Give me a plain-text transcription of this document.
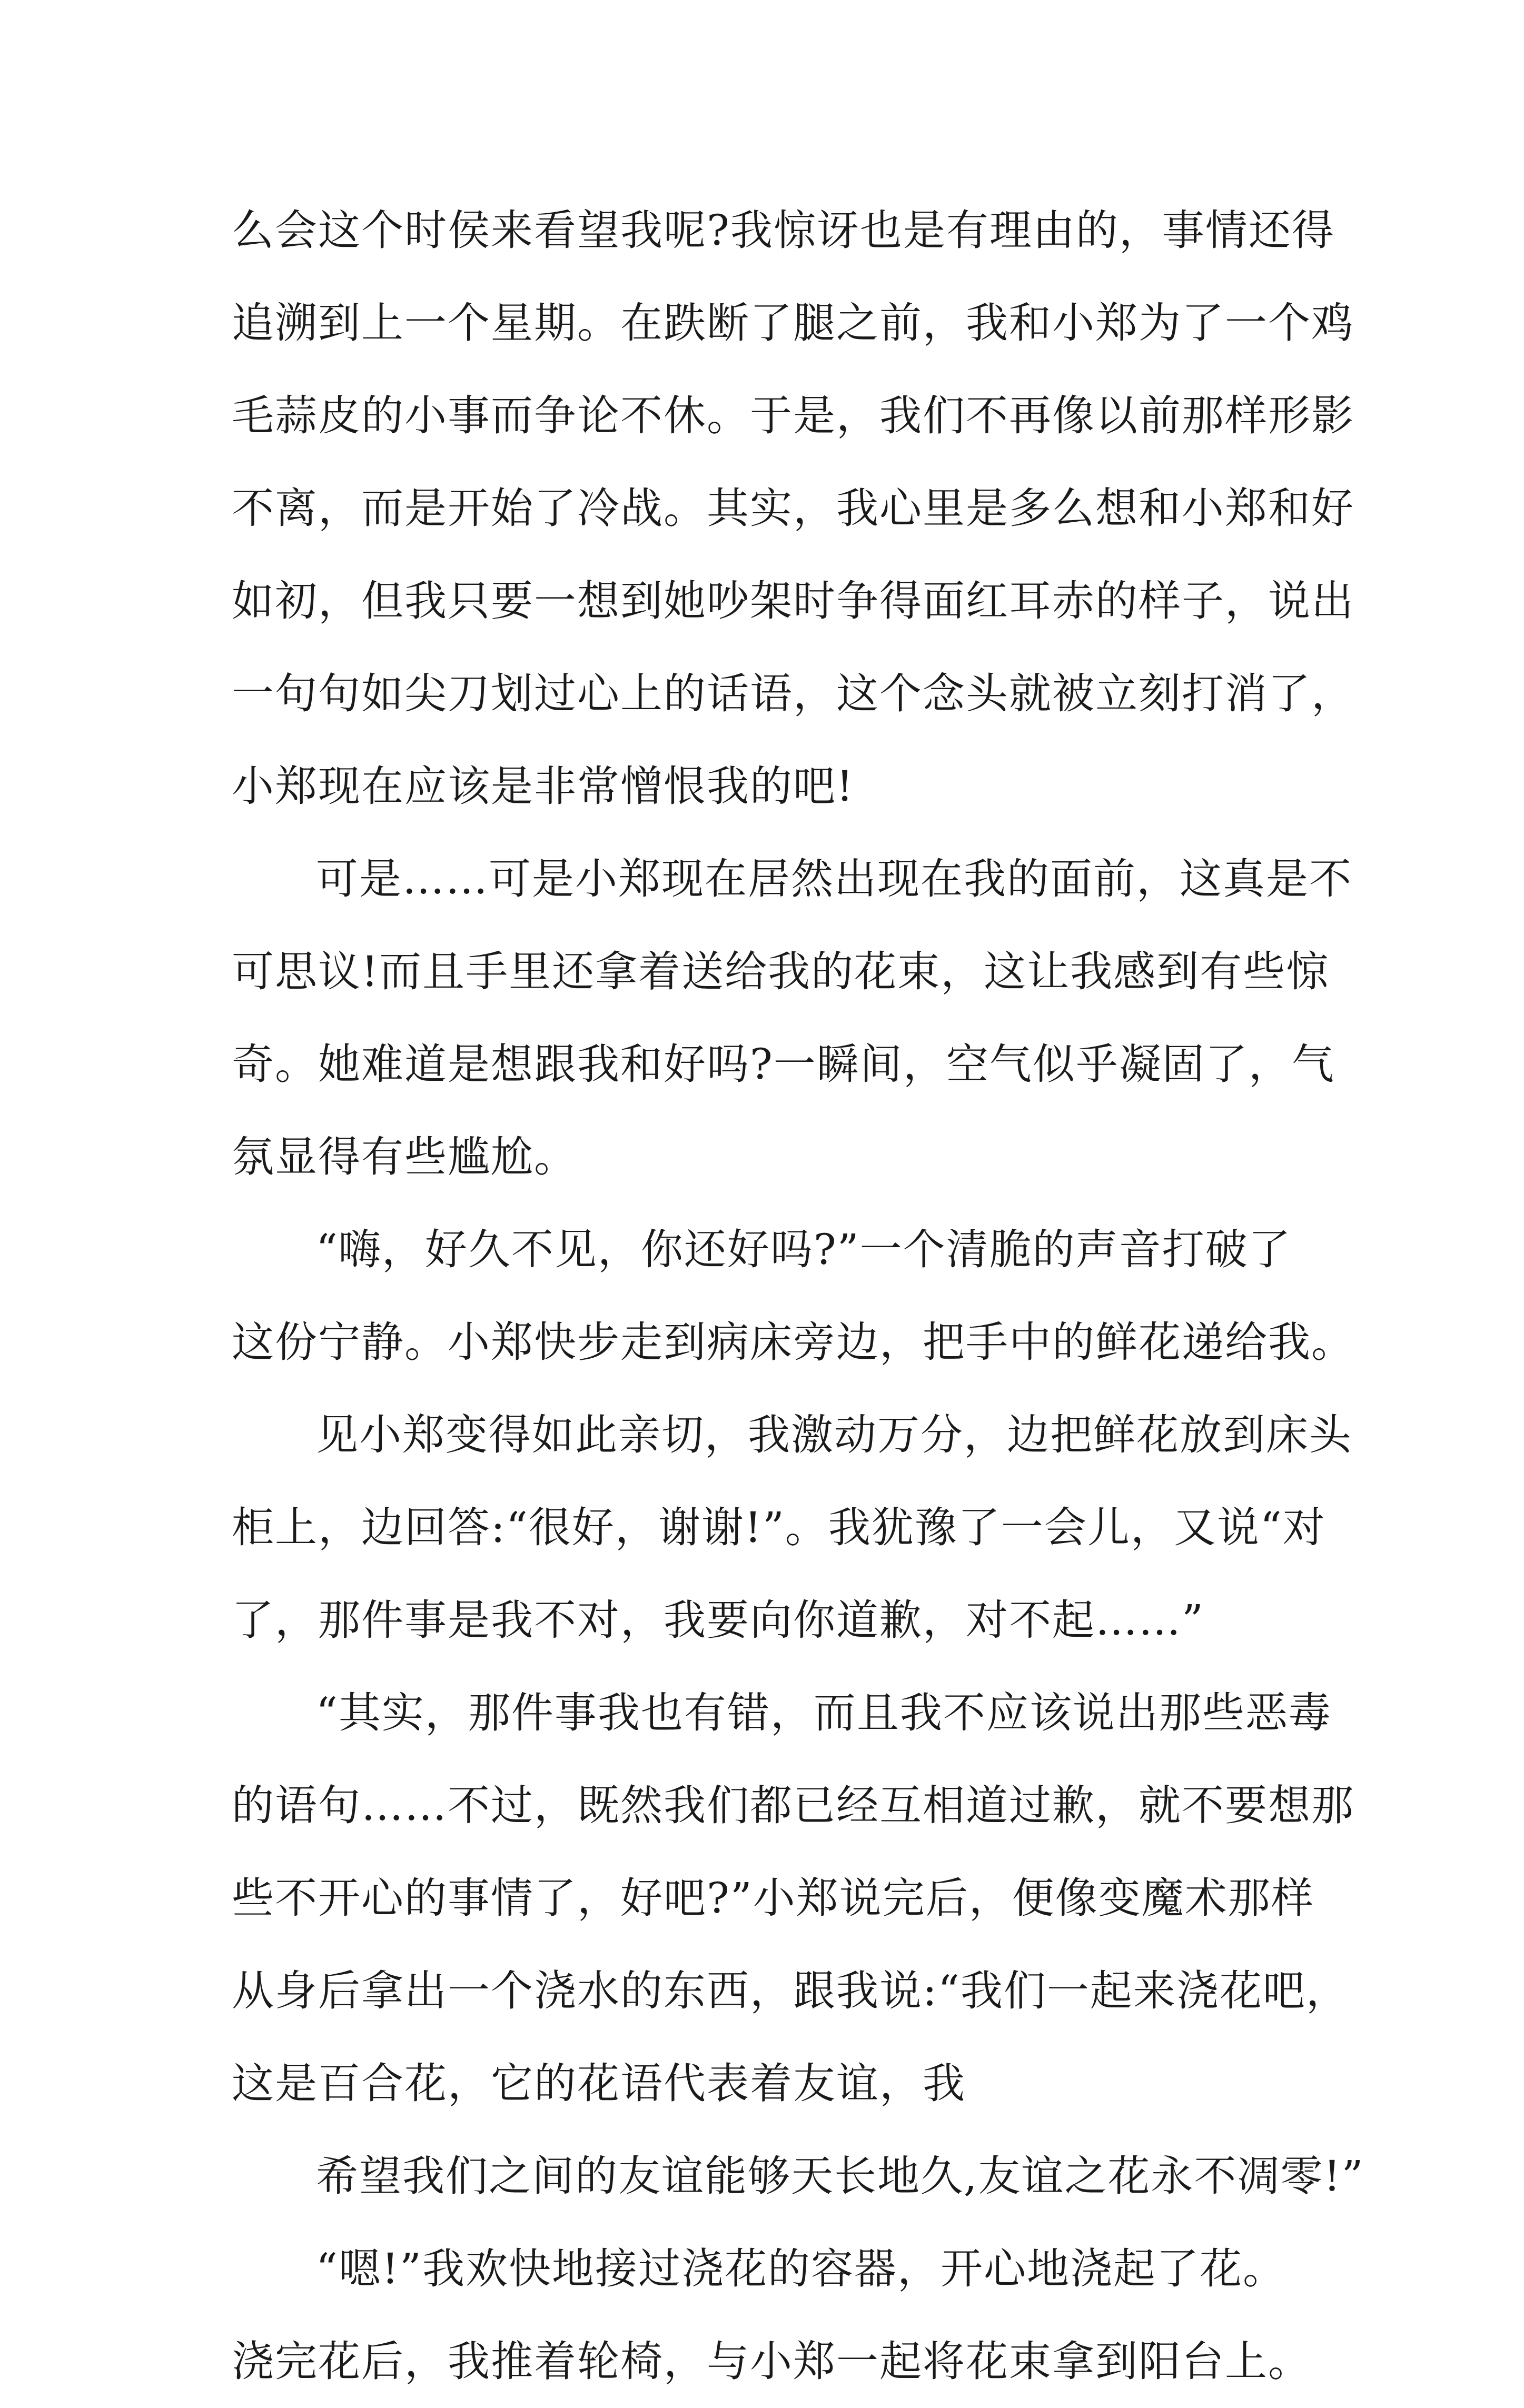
么会这个时侯来看望我呢?我惊讶也是有理由的，事情还得
追溯到上一个星期。在跌断了腿之前，我和小郑为了一个鸡
毛蒜皮的小事而争论不休。于是，我们不再像以前那样形影
不离，而是开始了冷战。其实，我心里是多么想和小郑和好
如初，但我只要一想到她吵架时争得面红耳赤的样子，说出
一句句如尖刀划过心上的话语，这个念头就被立刻打消了，
小郑现在应该是非常憎恨我的吧!
可是……可是小郑现在居然出现在我的面前，这真是不
可思议!而且手里还拿着送给我的花束，这让我感到有些惊
奇。她难道是想跟我和好吗?一瞬间，空气似乎凝固了，气
氛显得有些尴尬。
“嗨，好久不见，你还好吗?”一个清脆的声音打破了
这份宁静。小郑快步走到病床旁边，把手中的鲜花递给我。
见小郑变得如此亲切，我激动万分，边把鲜花放到床头
柜上，边回答:“很好，谢谢!”。我犹豫了一会儿，又说“对
了，那件事是我不对，我要向你道歉，对不起……”
“其实，那件事我也有错，而且我不应该说出那些恶毒
的语句……不过，既然我们都已经互相道过歉，就不要想那
些不开心的事情了，好吧?”小郑说完后，便像变魔术那样
从身后拿出一个浇水的东西，跟我说:“我们一起来浇花吧，
这是百合花，它的花语代表着友谊，我
希望我们之间的友谊能够天长地久,友谊之花永不凋零!”
“嗯!”我欢快地接过浇花的容器，开心地浇起了花。
浇完花后，我推着轮椅，与小郑一起将花束拿到阳台上。
